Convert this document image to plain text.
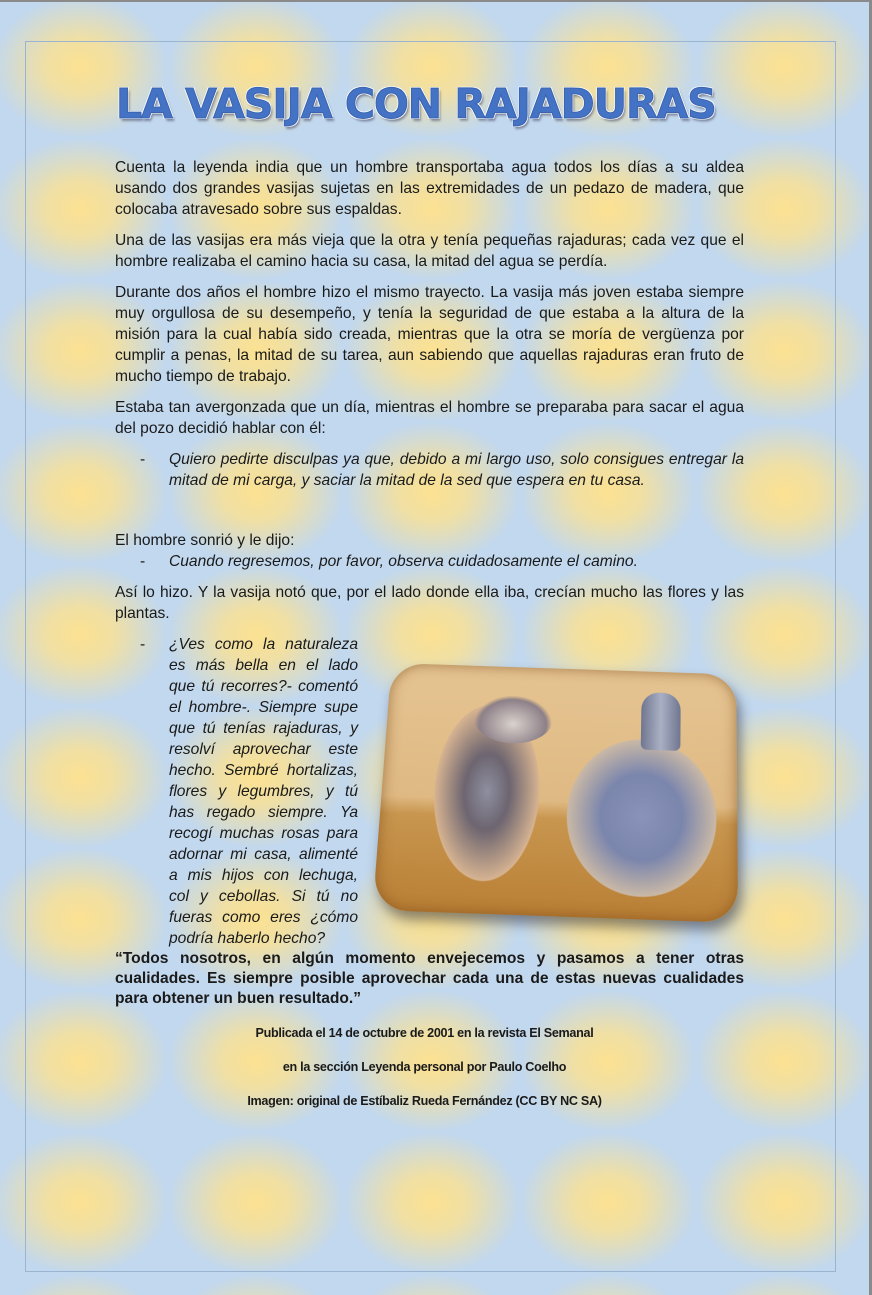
LA VASIJA CON RAJADURAS

Cuenta la leyenda india que un hombre transportaba agua todos los días a su aldea usando dos grandes vasijas sujetas en las extremidades de un pedazo de madera, que colocaba atravesado sobre sus espaldas.

Una de las vasijas era más vieja que la otra y tenía pequeñas rajaduras; cada vez que el hombre realizaba el camino hacia su casa, la mitad del agua se perdía.

Durante dos años el hombre hizo el mismo trayecto. La vasija más joven estaba siempre muy orgullosa de su desempeño, y tenía la seguridad de que estaba a la altura de la misión para la cual había sido creada, mientras que la otra se moría de vergüenza por cumplir a penas, la mitad de su tarea, aun sabiendo que aquellas rajaduras eran fruto de mucho tiempo de trabajo.

Estaba tan avergonzada que un día, mientras el hombre se preparaba para sacar el agua del pozo decidió hablar con él:

-	Quiero pedirte disculpas ya que, debido a mi largo uso, solo consigues entregar la mitad de mi carga, y saciar la mitad de la sed que espera en tu casa.

El hombre sonrió y le dijo:

-	Cuando regresemos, por favor, observa cuidadosamente el camino.

Así lo hizo. Y la vasija notó que, por el lado donde ella iba, crecían mucho las flores y las plantas.

-	¿Ves como la naturaleza es más bella en el lado que tú recorres?- comentó el hombre-. Siempre supe que tú tenías rajaduras, y resolví aprovechar este hecho. Sembré hortalizas, flores y legumbres, y tú has regado siempre. Ya recogí muchas rosas para adornar mi casa, alimenté a mis hijos con lechuga, col y cebollas. Si tú no fueras como eres ¿cómo podría haberlo hecho?

“Todos nosotros, en algún momento envejecemos y pasamos a tener otras cualidades. Es siempre posible aprovechar cada una de estas nuevas cualidades para obtener un buen resultado.”

Publicada el 14 de octubre de 2001 en la revista El Semanal
en la sección Leyenda personal por Paulo Coelho
Imagen: original de Estíbaliz Rueda Fernández (CC BY NC SA)
